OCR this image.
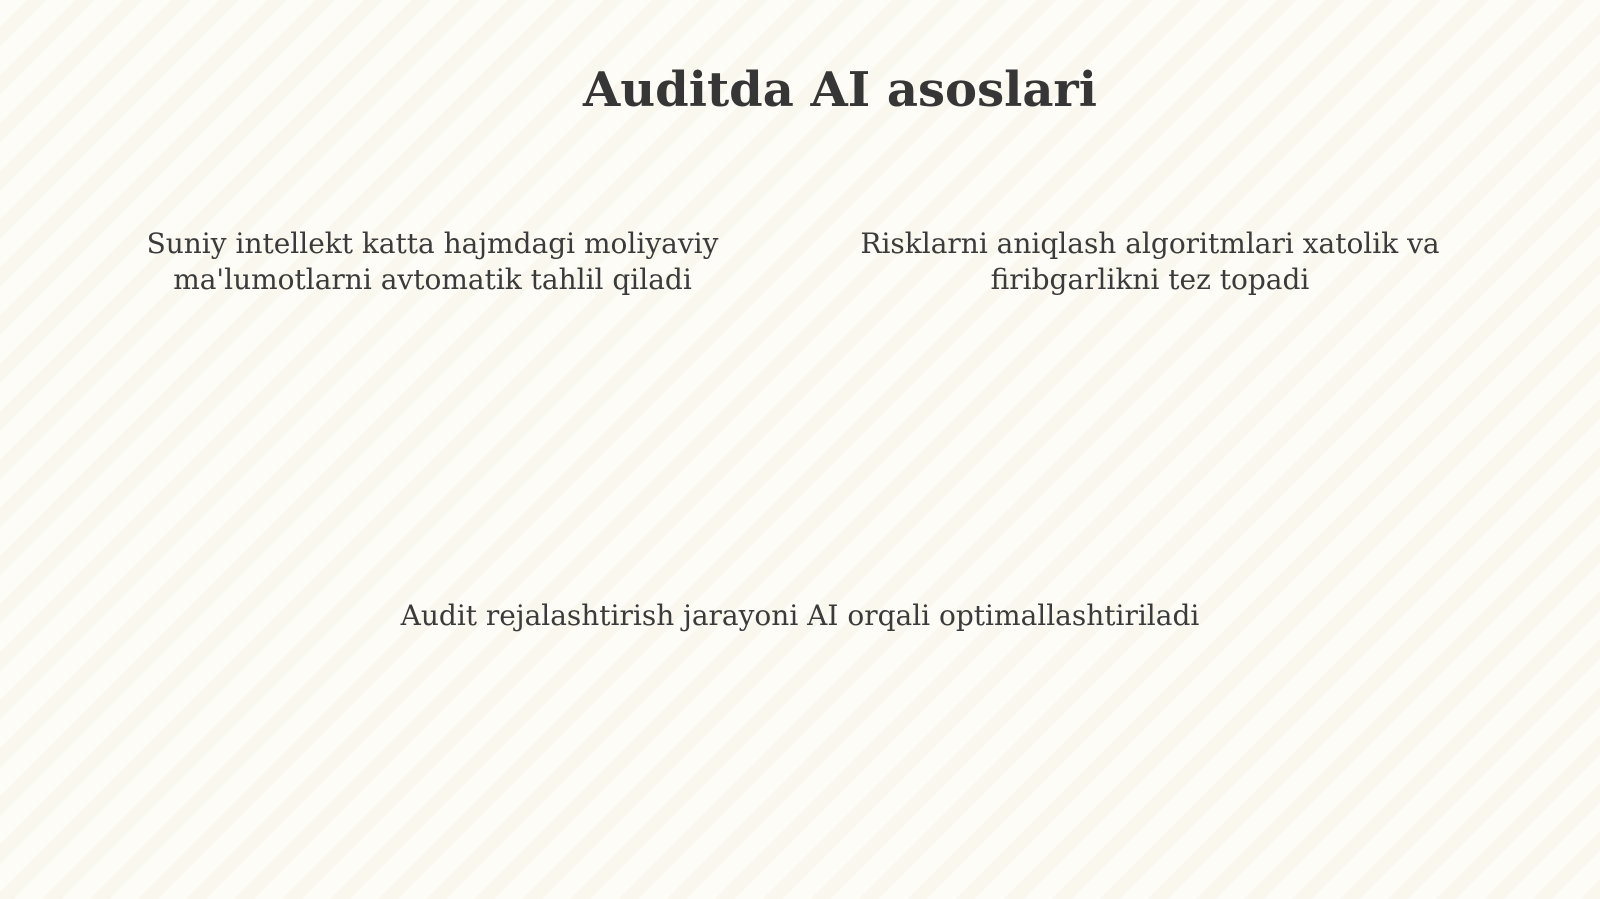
Auditda AI asoslari

Suniy intellekt katta hajmdagi moliyaviy ma'lumotlarni avtomatik tahlil qiladi

Risklarni aniqlash algoritmlari xatolik va firibgarlikni tez topadi

Audit rejalashtirish jarayoni AI orqali optimallashtiriladi
